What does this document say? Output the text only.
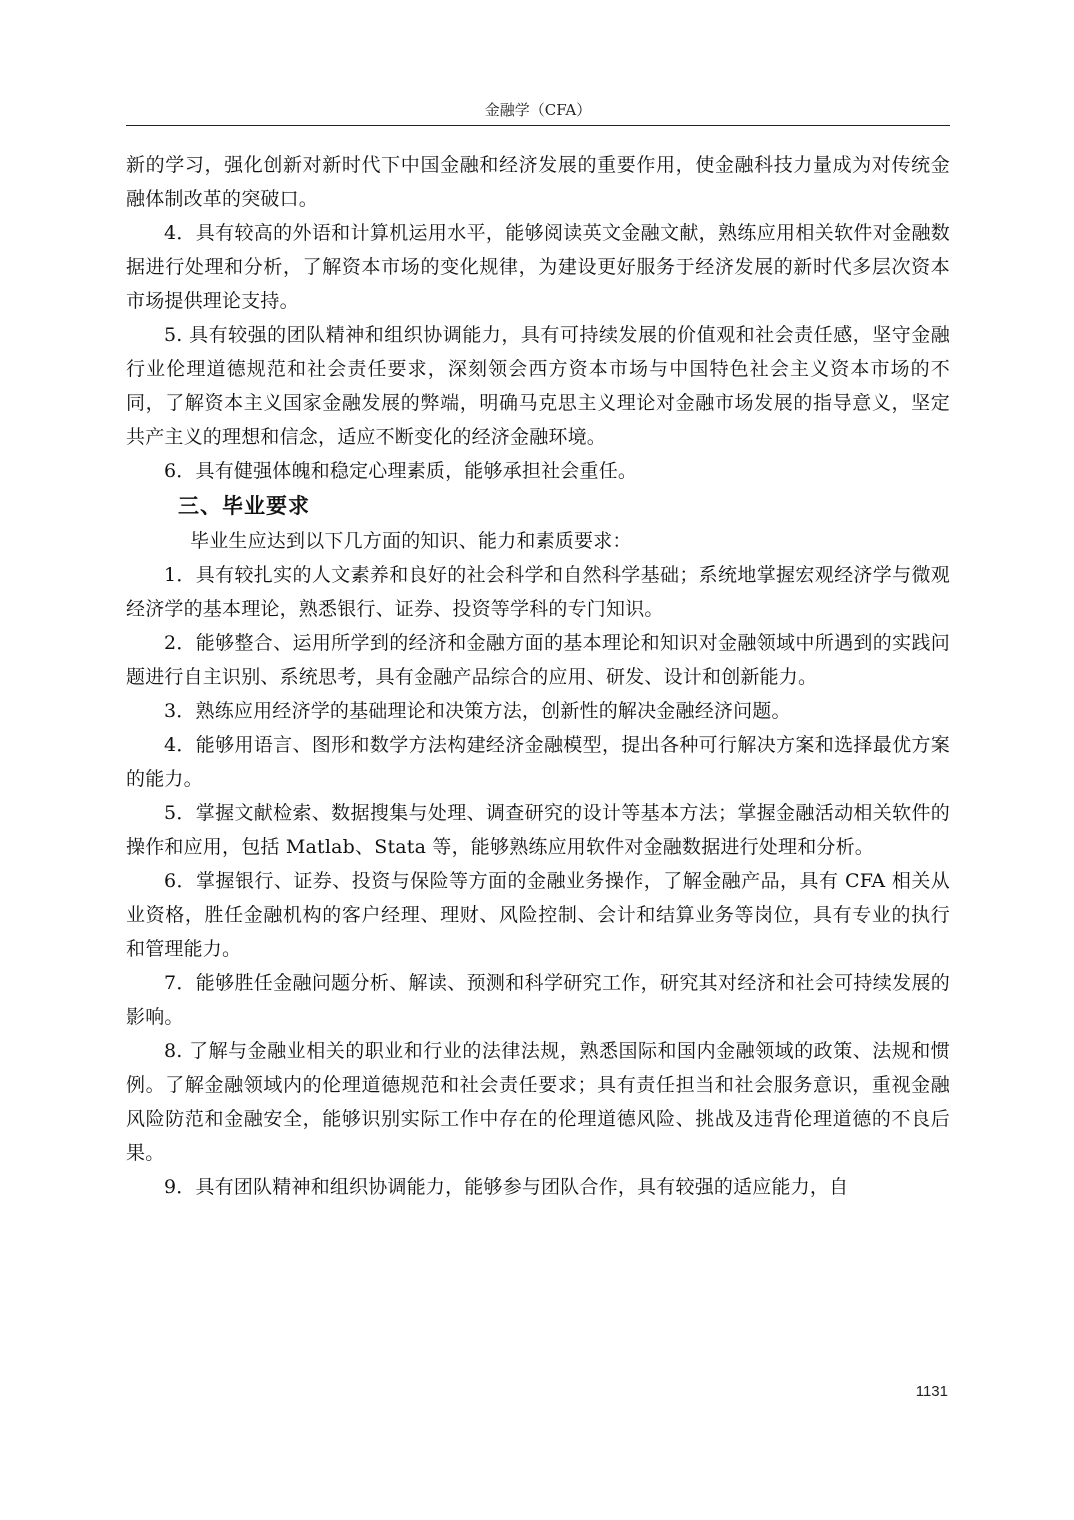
金融学（CFA）

新的学习，强化创新对新时代下中国金融和经济发展的重要作用，使金融科技力量成为对传统金融体制改革的突破口。

4．具有较高的外语和计算机运用水平，能够阅读英文金融文献，熟练应用相关软件对金融数据进行处理和分析，了解资本市场的变化规律，为建设更好服务于经济发展的新时代多层次资本市场提供理论支持。

5. 具有较强的团队精神和组织协调能力，具有可持续发展的价值观和社会责任感，坚守金融行业伦理道德规范和社会责任要求，深刻领会西方资本市场与中国特色社会主义资本市场的不同，了解资本主义国家金融发展的弊端，明确马克思主义理论对金融市场发展的指导意义，坚定共产主义的理想和信念，适应不断变化的经济金融环境。

6．具有健强体魄和稳定心理素质，能够承担社会重任。

三、毕业要求

毕业生应达到以下几方面的知识、能力和素质要求：

1．具有较扎实的人文素养和良好的社会科学和自然科学基础；系统地掌握宏观经济学与微观经济学的基本理论，熟悉银行、证券、投资等学科的专门知识。

2．能够整合、运用所学到的经济和金融方面的基本理论和知识对金融领域中所遇到的实践问题进行自主识别、系统思考，具有金融产品综合的应用、研发、设计和创新能力。

3．熟练应用经济学的基础理论和决策方法，创新性的解决金融经济问题。

4．能够用语言、图形和数学方法构建经济金融模型，提出各种可行解决方案和选择最优方案的能力。

5．掌握文献检索、数据搜集与处理、调查研究的设计等基本方法；掌握金融活动相关软件的操作和应用，包括 Matlab、Stata 等，能够熟练应用软件对金融数据进行处理和分析。

6．掌握银行、证券、投资与保险等方面的金融业务操作，了解金融产品，具有 CFA 相关从业资格，胜任金融机构的客户经理、理财、风险控制、会计和结算业务等岗位，具有专业的执行和管理能力。

7．能够胜任金融问题分析、解读、预测和科学研究工作，研究其对经济和社会可持续发展的影响。

8. 了解与金融业相关的职业和行业的法律法规，熟悉国际和国内金融领域的政策、法规和惯例。了解金融领域内的伦理道德规范和社会责任要求；具有责任担当和社会服务意识，重视金融风险防范和金融安全，能够识别实际工作中存在的伦理道德风险、挑战及违背伦理道德的不良后果。

9．具有团队精神和组织协调能力，能够参与团队合作，具有较强的适应能力，自

1131
